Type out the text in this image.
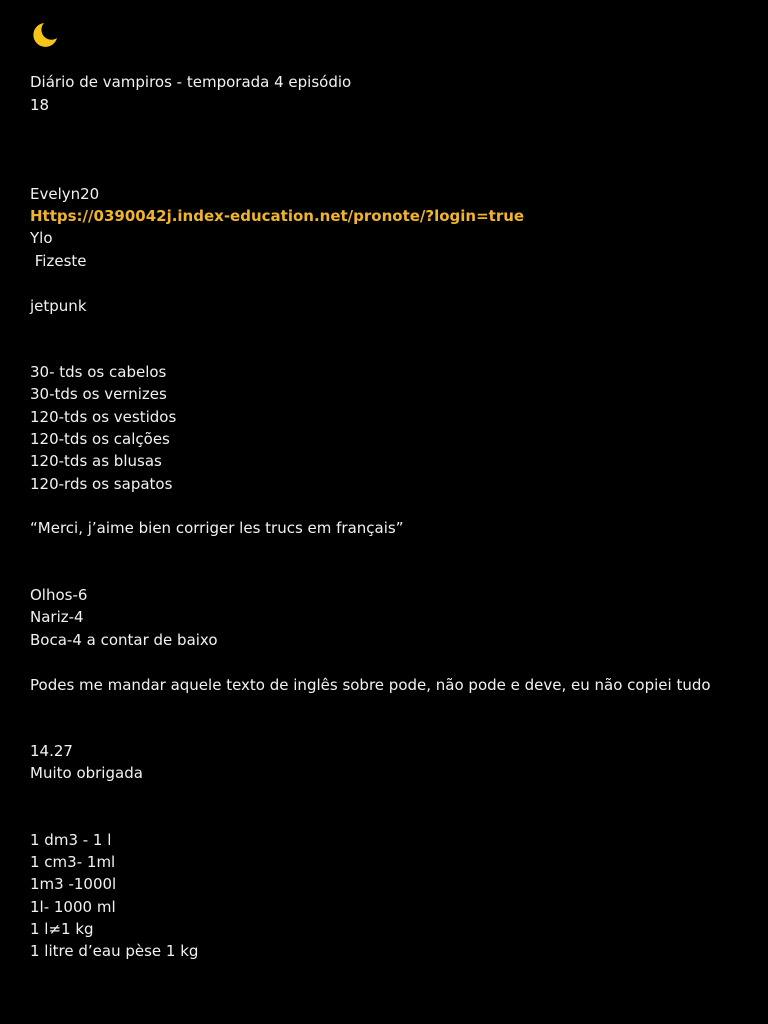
Diário de vampiros - temporada 4 episódio
18
Evelyn20
Https://0390042j.index-education.net/pronote/?login=true
Ylo
Fizeste
jetpunk
30- tds os cabelos
30-tds os vernizes
120-tds os vestidos
120-tds os calções
120-tds as blusas
120-rds os sapatos
“Merci, j’aime bien corriger les trucs em français”
Olhos-6
Nariz-4
Boca-4 a contar de baixo
Podes me mandar aquele texto de inglês sobre pode, não pode e deve, eu não copiei tudo
14.27
Muito obrigada
1 dm3 - 1 l
1 cm3- 1ml
1m3 -1000l
1l- 1000 ml
1 l≠1 kg
1 litre d’eau pèse 1 kg
